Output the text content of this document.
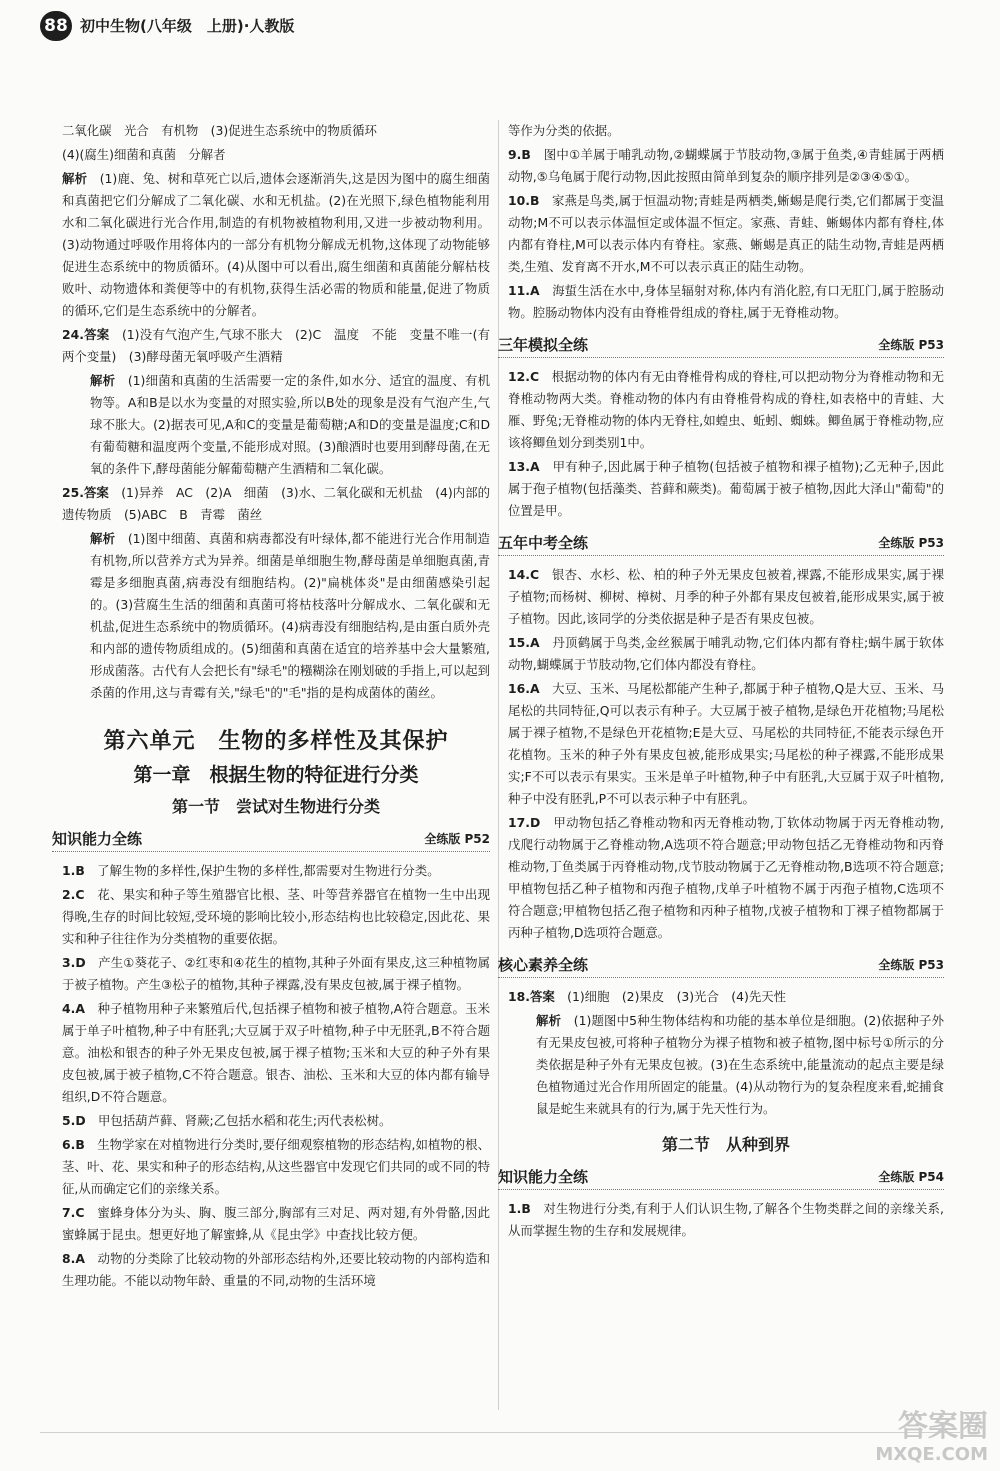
88 初中生物(八年级　上册)·人教版

二氧化碳　光合　有机物　(3)促进生态系统中的物质循环

(4)(腐生)细菌和真菌　分解者

解析　(1)鹿、兔、树和草死亡以后,遗体会逐渐消失,这是因为图中的腐生细菌和真菌把它们分解成了二氧化碳、水和无机盐。(2)在光照下,绿色植物能利用水和二氧化碳进行光合作用,制造的有机物被植物利用,又进一步被动物利用。(3)动物通过呼吸作用将体内的一部分有机物分解成无机物,这体现了动物能够促进生态系统中的物质循环。(4)从图中可以看出,腐生细菌和真菌能分解枯枝败叶、动物遗体和粪便等中的有机物,获得生活必需的物质和能量,促进了物质的循环,它们是生态系统中的分解者。

24.答案　(1)没有气泡产生,气球不胀大　(2)C　温度　不能　变量不唯一(有两个变量)　(3)酵母菌无氧呼吸产生酒精

解析　(1)细菌和真菌的生活需要一定的条件,如水分、适宜的温度、有机物等。A和B是以水为变量的对照实验,所以B处的现象是没有气泡产生,气球不胀大。(2)据表可见,A和C的变量是葡萄糖;A和D的变量是温度;C和D有葡萄糖和温度两个变量,不能形成对照。(3)酿酒时也要用到酵母菌,在无氧的条件下,酵母菌能分解葡萄糖产生酒精和二氧化碳。

25.答案　(1)异养　AC　(2)A　细菌　(3)水、二氧化碳和无机盐　(4)内部的遗传物质　(5)ABC　B　青霉　菌丝

解析　(1)图中细菌、真菌和病毒都没有叶绿体,都不能进行光合作用制造有机物,所以营养方式为异养。细菌是单细胞生物,酵母菌是单细胞真菌,青霉是多细胞真菌,病毒没有细胞结构。(2)"扁桃体炎"是由细菌感染引起的。(3)营腐生生活的细菌和真菌可将枯枝落叶分解成水、二氧化碳和无机盐,促进生态系统中的物质循环。(4)病毒没有细胞结构,是由蛋白质外壳和内部的遗传物质组成的。(5)细菌和真菌在适宜的培养基中会大量繁殖,形成菌落。古代有人会把长有"绿毛"的糨糊涂在刚划破的手指上,可以起到杀菌的作用,这与青霉有关,"绿毛"的"毛"指的是构成菌体的菌丝。

第六单元　生物的多样性及其保护
第一章　根据生物的特征进行分类
第一节　尝试对生物进行分类
知识能力全练	全练版 P52

1.B　了解生物的多样性,保护生物的多样性,都需要对生物进行分类。

2.C　花、果实和种子等生殖器官比根、茎、叶等营养器官在植物一生中出现得晚,生存的时间比较短,受环境的影响比较小,形态结构也比较稳定,因此花、果实和种子往往作为分类植物的重要依据。

3.D　产生①葵花子、②红枣和④花生的植物,其种子外面有果皮,这三种植物属于被子植物。产生③松子的植物,其种子裸露,没有果皮包被,属于裸子植物。

4.A　种子植物用种子来繁殖后代,包括裸子植物和被子植物,A符合题意。玉米属于单子叶植物,种子中有胚乳;大豆属于双子叶植物,种子中无胚乳,B不符合题意。油松和银杏的种子外无果皮包被,属于裸子植物;玉米和大豆的种子外有果皮包被,属于被子植物,C不符合题意。银杏、油松、玉米和大豆的体内都有输导组织,D不符合题意。

5.D　甲包括葫芦藓、肾蕨;乙包括水稻和花生;丙代表松树。

6.B　生物学家在对植物进行分类时,要仔细观察植物的形态结构,如植物的根、茎、叶、花、果实和种子的形态结构,从这些器官中发现它们共同的或不同的特征,从而确定它们的亲缘关系。

7.C　蜜蜂身体分为头、胸、腹三部分,胸部有三对足、两对翅,有外骨骼,因此蜜蜂属于昆虫。想更好地了解蜜蜂,从《昆虫学》中查找比较方便。

8.A　动物的分类除了比较动物的外部形态结构外,还要比较动物的内部构造和生理功能。不能以动物年龄、重量的不同,动物的生活环境

等作为分类的依据。

9.B　图中①羊属于哺乳动物,②蝴蝶属于节肢动物,③属于鱼类,④青蛙属于两栖动物,⑤乌龟属于爬行动物,因此按照由简单到复杂的顺序排列是②③④⑤①。

10.B　家燕是鸟类,属于恒温动物;青蛙是两栖类,蜥蜴是爬行类,它们都属于变温动物;M不可以表示体温恒定或体温不恒定。家燕、青蛙、蜥蜴体内都有脊柱,体内都有脊柱,M可以表示体内有脊柱。家燕、蜥蜴是真正的陆生动物,青蛙是两栖类,生殖、发育离不开水,M不可以表示真正的陆生动物。

11.A　海蜇生活在水中,身体呈辐射对称,体内有消化腔,有口无肛门,属于腔肠动物。腔肠动物体内没有由脊椎骨组成的脊柱,属于无脊椎动物。

三年模拟全练	全练版 P53

12.C　根据动物的体内有无由脊椎骨构成的脊柱,可以把动物分为脊椎动物和无脊椎动物两大类。脊椎动物的体内有由脊椎骨构成的脊柱,如表格中的青蛙、大雁、野兔;无脊椎动物的体内无脊柱,如蝗虫、蚯蚓、蜘蛛。鲫鱼属于脊椎动物,应该将鲫鱼划分到类别1中。

13.A　甲有种子,因此属于种子植物(包括被子植物和裸子植物);乙无种子,因此属于孢子植物(包括藻类、苔藓和蕨类)。葡萄属于被子植物,因此大泽山"葡萄"的位置是甲。

五年中考全练	全练版 P53

14.C　银杏、水杉、松、柏的种子外无果皮包被着,裸露,不能形成果实,属于裸子植物;而杨树、柳树、樟树、月季的种子外都有果皮包被着,能形成果实,属于被子植物。因此,该同学的分类依据是种子是否有果皮包被。

15.A　丹顶鹤属于鸟类,金丝猴属于哺乳动物,它们体内都有脊柱;蜗牛属于软体动物,蝴蝶属于节肢动物,它们体内都没有脊柱。

16.A　大豆、玉米、马尾松都能产生种子,都属于种子植物,Q是大豆、玉米、马尾松的共同特征,Q可以表示有种子。大豆属于被子植物,是绿色开花植物;马尾松属于裸子植物,不是绿色开花植物;E是大豆、马尾松的共同特征,不能表示绿色开花植物。玉米的种子外有果皮包被,能形成果实;马尾松的种子裸露,不能形成果实;F不可以表示有果实。玉米是单子叶植物,种子中有胚乳,大豆属于双子叶植物,种子中没有胚乳,P不可以表示种子中有胚乳。

17.D　甲动物包括乙脊椎动物和丙无脊椎动物,丁软体动物属于丙无脊椎动物,戊爬行动物属于乙脊椎动物,A选项不符合题意;甲动物包括乙无脊椎动物和丙脊椎动物,丁鱼类属于丙脊椎动物,戊节肢动物属于乙无脊椎动物,B选项不符合题意;甲植物包括乙种子植物和丙孢子植物,戊单子叶植物不属于丙孢子植物,C选项不符合题意;甲植物包括乙孢子植物和丙种子植物,戊被子植物和丁裸子植物都属于丙种子植物,D选项符合题意。

核心素养全练	全练版 P53

18.答案　(1)细胞　(2)果皮　(3)光合　(4)先天性

解析　(1)题图中5种生物体结构和功能的基本单位是细胞。(2)依据种子外有无果皮包被,可将种子植物分为裸子植物和被子植物,图中标号①所示的分类依据是种子外有无果皮包被。(3)在生态系统中,能量流动的起点主要是绿色植物通过光合作用所固定的能量。(4)从动物行为的复杂程度来看,蛇捕食鼠是蛇生来就具有的行为,属于先天性行为。

第二节　从种到界
知识能力全练	全练版 P54

1.B　对生物进行分类,有利于人们认识生物,了解各个生物类群之间的亲缘关系,从而掌握生物的生存和发展规律。

答案圈
MXQE.COM
